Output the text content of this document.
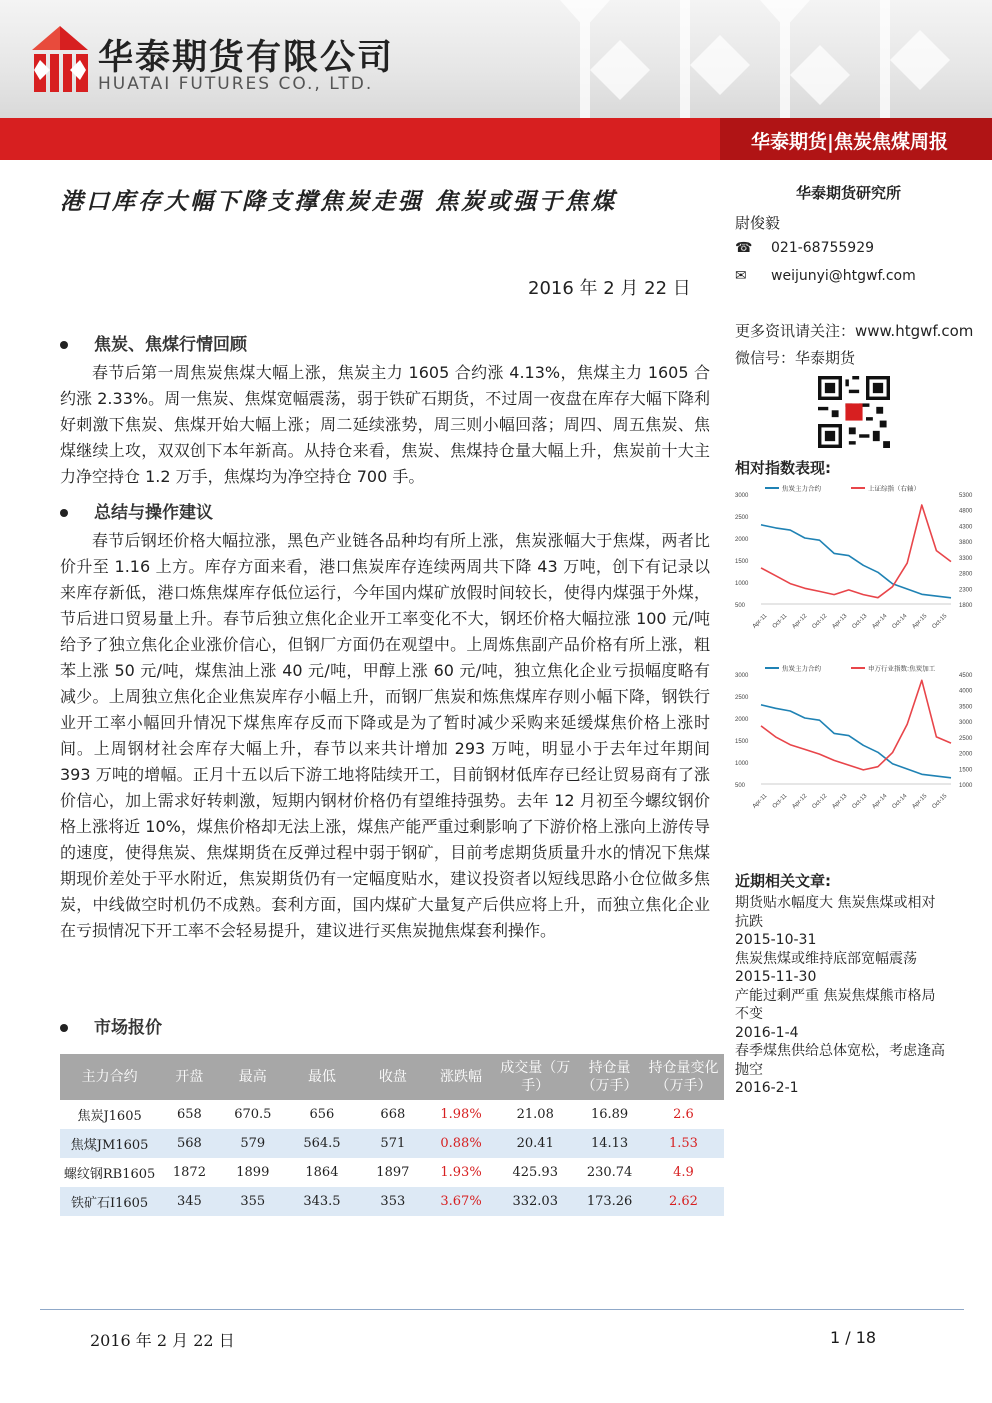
华泰期货有限公司
HUATAI FUTURES CO., LTD.
华泰期货|焦炭焦煤周报
港口库存大幅下降支撑焦炭走强 焦炭或强于焦煤
2016 年 2 月 22 日
焦炭、焦煤行情回顾
春节后第一周焦炭焦煤大幅上涨，焦炭主力 1605 合约涨 4.13%，焦煤主力 1605 合约涨 2.33%。周一焦炭、焦煤宽幅震荡，弱于铁矿石期货，不过周一夜盘在库存大幅下降利好刺激下焦炭、焦煤开始大幅上涨；周二延续涨势，周三则小幅回落；周四、周五焦炭、焦煤继续上攻，双双创下本年新高。从持仓来看，焦炭、焦煤持仓量大幅上升，焦炭前十大主力净空持仓 1.2 万手，焦煤均为净空持仓 700 手。
总结与操作建议
春节后钢坯价格大幅拉涨，黑色产业链各品种均有所上涨，焦炭涨幅大于焦煤，两者比价升至 1.16 上方。库存方面来看，港口焦炭库存连续两周共下降 43 万吨，创下有记录以来库存新低，港口炼焦煤库存低位运行，今年国内煤矿放假时间较长，使得内煤强于外煤，节后进口贸易量上升。春节后独立焦化企业开工率变化不大，钢坯价格大幅拉涨 100 元/吨给予了独立焦化企业涨价信心，但钢厂方面仍在观望中。上周炼焦副产品价格有所上涨，粗苯上涨 50 元/吨，煤焦油上涨 40 元/吨，甲醇上涨 60 元/吨，独立焦化企业亏损幅度略有减少。上周独立焦化企业焦炭库存小幅上升，而钢厂焦炭和炼焦煤库存则小幅下降，钢铁行业开工率小幅回升情况下煤焦库存反而下降或是为了暂时减少采购来延缓煤焦价格上涨时间。上周钢材社会库存大幅上升，春节以来共计增加 293 万吨，明显小于去年过年期间 393 万吨的增幅。正月十五以后下游工地将陆续开工，目前钢材低库存已经让贸易商有了涨价信心，加上需求好转刺激，短期内钢材价格仍有望维持强势。去年 12 月初至今螺纹钢价格上涨将近 10%，煤焦价格却无法上涨，煤焦产能严重过剩影响了下游价格上涨向上游传导的速度，使得焦炭、焦煤期货在反弹过程中弱于钢矿，目前考虑期货质量升水的情况下焦煤期现价差处于平水附近，焦炭期货仍有一定幅度贴水，建议投资者以短线思路小仓位做多焦炭，中线做空时机仍不成熟。套利方面，国内煤矿大量复产后供应将上升，而独立焦化企业在亏损情况下开工率不会轻易提升，建议进行买焦炭抛焦煤套利操作。
市场报价
主力合约	开盘	最高	最低	收盘	涨跌幅	成交量（万手）	持仓量（万手）	持仓量变化（万手）
焦炭J1605	658	670.5	656	668	1.98%	21.08	16.89	2.6
焦煤JM1605	568	579	564.5	571	0.88%	20.41	14.13	1.53
螺纹钢RB1605	1872	1899	1864	1897	1.93%	425.93	230.74	4.9
铁矿石I1605	345	355	343.5	353	3.67%	332.03	173.26	2.62
华泰期货研究所
尉俊毅
☎ 021-68755929
✉ weijunyi@htgwf.com
更多资讯请关注：www.htgwf.com
微信号：华泰期货
相对指数表现:
3000
2500
2000
1500
1000
500
5300
4800
4300
3800
3300
2800
2300
1800
Apr-11 Oct-11 Apr-12 Oct-12 Apr-13 Oct-13 Apr-14 Oct-14 Apr-15 Oct-15
焦炭主力合约	上证综指（右轴）
3000
2500
2000
1500
1000
500
4500
4000
3500
3000
2500
2000
1500
1000
Apr-11 Oct-11 Apr-12 Oct-12 Apr-13 Oct-13 Apr-14 Oct-14 Apr-15 Oct-15
焦炭主力合约	申万行业指数:焦炭加工
近期相关文章:
期货贴水幅度大 焦炭焦煤或相对抗跌
2015-10-31
焦炭焦煤或维持底部宽幅震荡
2015-11-30
产能过剩严重 焦炭焦煤熊市格局不变
2016-1-4
春季煤焦供给总体宽松，考虑逢高抛空
2016-2-1
2016 年 2 月 22 日	1 / 18
